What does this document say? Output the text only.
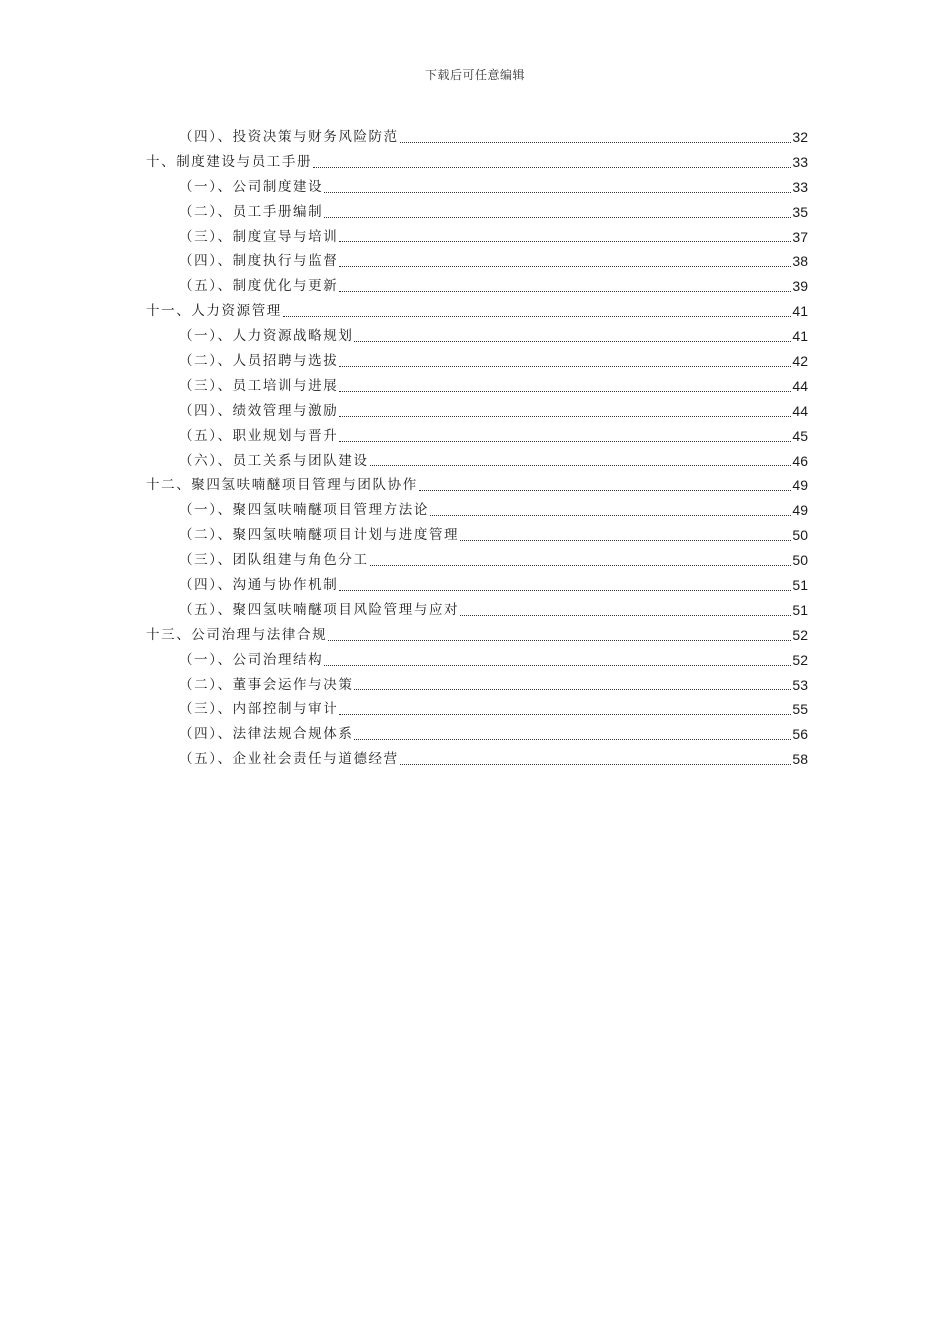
下载后可任意编辑
（四）、投资决策与财务风险防范	32
十、制度建设与员工手册	33
（一）、公司制度建设	33
（二）、员工手册编制	35
（三）、制度宣导与培训	37
（四）、制度执行与监督	38
（五）、制度优化与更新	39
十一、人力资源管理	41
（一）、人力资源战略规划	41
（二）、人员招聘与选拔	42
（三）、员工培训与进展	44
（四）、绩效管理与激励	44
（五）、职业规划与晋升	45
（六）、员工关系与团队建设	46
十二、聚四氢呋喃醚项目管理与团队协作	49
（一）、聚四氢呋喃醚项目管理方法论	49
（二）、聚四氢呋喃醚项目计划与进度管理	50
（三）、团队组建与角色分工	50
（四）、沟通与协作机制	51
（五）、聚四氢呋喃醚项目风险管理与应对	51
十三、公司治理与法律合规	52
（一）、公司治理结构	52
（二）、董事会运作与决策	53
（三）、内部控制与审计	55
（四）、法律法规合规体系	56
（五）、企业社会责任与道德经营	58
